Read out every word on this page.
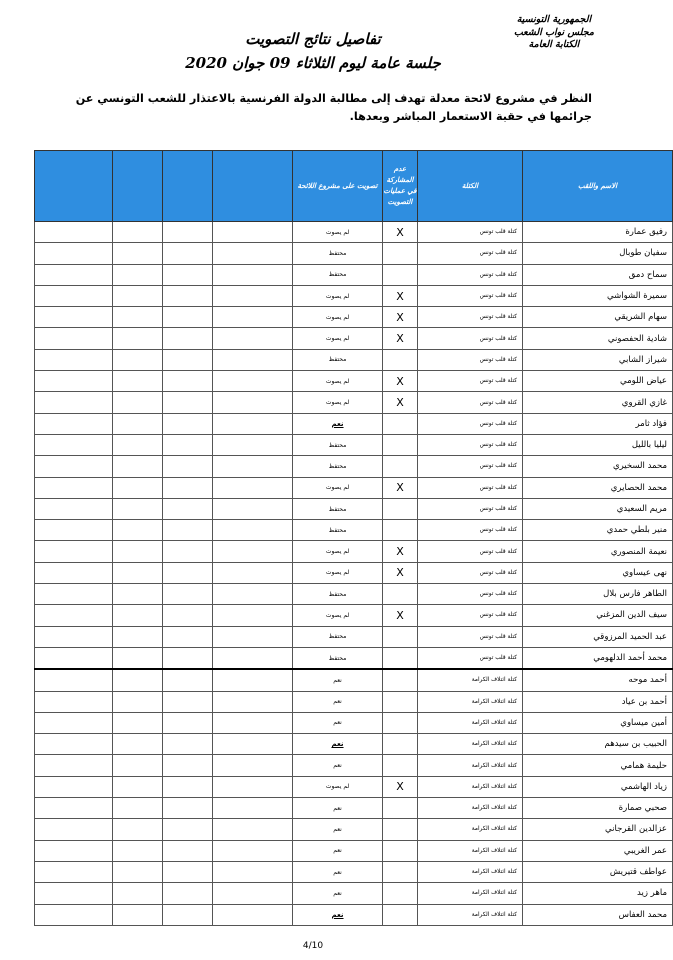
الجمهورية التونسية
مجلس نواب الشعب
الكتابة العامة
تفاصيل نتائج التصويت
جلسة عامة ليوم الثلاثاء 09 جوان 2020
النظر في مشروع لائحة معدلة تهدف إلى مطالبة الدولة الفرنسية بالاعتذار للشعب التونسي عن جرائمها في حقبة الاستعمار المباشر وبعدها.
الاسم واللقب	الكتلة	عدم المشاركة في عمليات التصويت	تصويت على مشروع اللائحة				
رفيق عمارة	كتلة قلب تونس	X	لم يصوت				
سفيان طوبال	كتلة قلب تونس		محتفظ				
سماح دمق	كتلة قلب تونس		محتفظ				
سميرة الشواشي	كتلة قلب تونس	X	لم يصوت				
سهام الشريقي	كتلة قلب تونس	X	لم يصوت				
شادية الحفصوني	كتلة قلب تونس	X	لم يصوت				
شيراز الشابي	كتلة قلب تونس		محتفظ				
عياض اللومي	كتلة قلب تونس	X	لم يصوت				
غازي القروي	كتلة قلب تونس	X	لم يصوت				
فؤاد ثامر	كتلة قلب تونس		نعم				
ليليا بالليل	كتلة قلب تونس		محتفظ				
محمد السخيري	كتلة قلب تونس		محتفظ				
محمد الحصايري	كتلة قلب تونس	X	لم يصوت				
مريم السعيدي	كتلة قلب تونس		محتفظ				
منير بلطي حمدي	كتلة قلب تونس		محتفظ				
نعيمة المنصوري	كتلة قلب تونس	X	لم يصوت				
نهى عيساوي	كتلة قلب تونس	X	لم يصوت				
الطاهر فارس بلال	كتلة قلب تونس		محتفظ				
سيف الدين المزغني	كتلة قلب تونس	X	لم يصوت				
عبد الحميد المرزوقي	كتلة قلب تونس		محتفظ				
محمد أحمد الدلهومي	كتلة قلب تونس		محتفظ				
أحمد موحه	كتلة ائتلاف الكرامة		نعم				
أحمد بن عياد	كتلة ائتلاف الكرامة		نعم				
أمين ميساوي	كتلة ائتلاف الكرامة		نعم				
الحبيب بن سيدهم	كتلة ائتلاف الكرامة		نعم				
حليمة همامي	كتلة ائتلاف الكرامة		نعم				
زياد الهاشمي	كتلة ائتلاف الكرامة	X	لم يصوت				
صحبي صمارة	كتلة ائتلاف الكرامة		نعم				
عزالدين القرجاني	كتلة ائتلاف الكرامة		نعم				
عمر الغريبي	كتلة ائتلاف الكرامة		نعم				
عواطف قتيريش	كتلة ائتلاف الكرامة		نعم				
ماهر زيد	كتلة ائتلاف الكرامة		نعم				
محمد العفاس	كتلة ائتلاف الكرامة		نعم				
4/10
